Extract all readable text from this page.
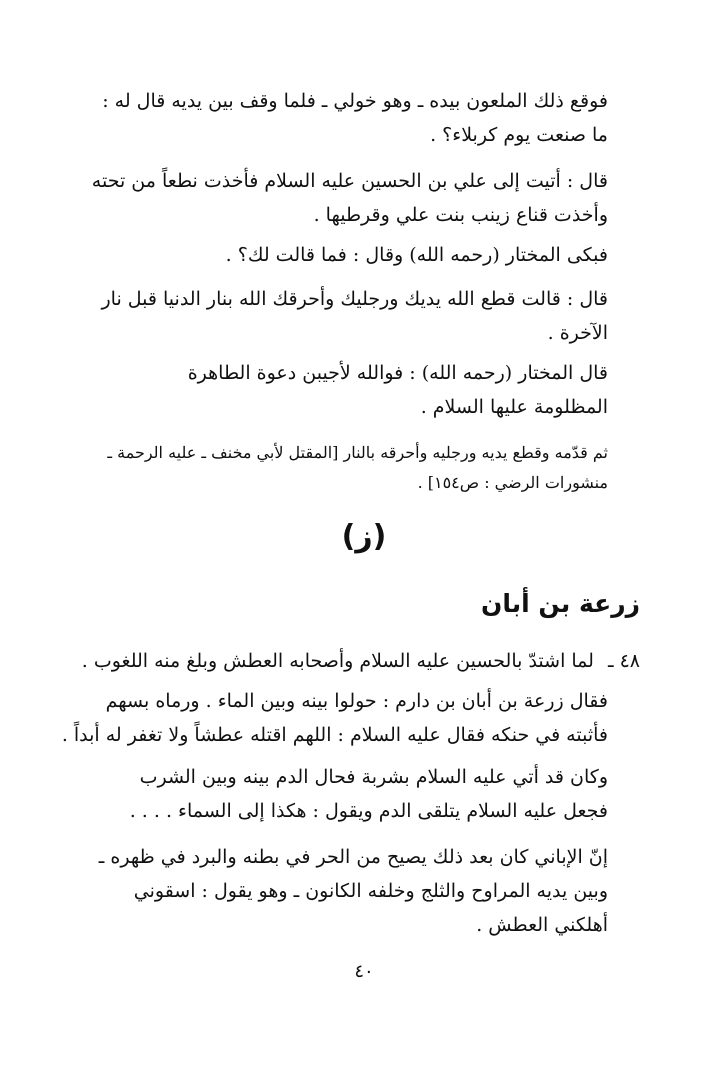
فوقع ذلك الملعون بيده ـ وهو خولي ـ فلما وقف بين يديه قال له :
ما صنعت يوم كربلاء؟ .

قال : أتيت إلى علي بن الحسين عليه السلام فأخذت نطعاً من تحته
وأخذت قناع زينب بنت علي وقرطيها .

فبكى المختار (رحمه الله) وقال : فما قالت لك؟ .

قال : قالت قطع الله يديك ورجليك وأحرقك الله بنار الدنيا قبل نار
الآخرة .

قال المختار (رحمه الله) : فوالله لأجيبن دعوة الطاهرة
المظلومة عليها السلام .

ثم قدّمه وقطع يديه ورجليه وأحرقه بالنار [المقتل لأبي مخنف ـ عليه الرحمة ـ
منشورات الرضي : ص١٥٤] .

(ز)
زرعة بن أبان

٤٨ ـلما اشتدّ بالحسين عليه السلام وأصحابه العطش وبلغ منه اللغوب .

فقال زرعة بن أبان بن دارم : حولوا بينه وبين الماء . ورماه بسهم
فأثبته في حنكه فقال عليه السلام : اللهم اقتله عطشاً ولا تغفر له أبداً .

وكان قد أتي عليه السلام بشربة فحال الدم بينه وبين الشرب
فجعل عليه السلام يتلقى الدم ويقول : هكذا إلى السماء . . . .

إنّ الإباني كان بعد ذلك يصيح من الحر في بطنه والبرد في ظهره ـ
وبين يديه المراوح والثلج وخلفه الكانون ـ وهو يقول : اسقوني
أهلكني العطش .

٤٠
